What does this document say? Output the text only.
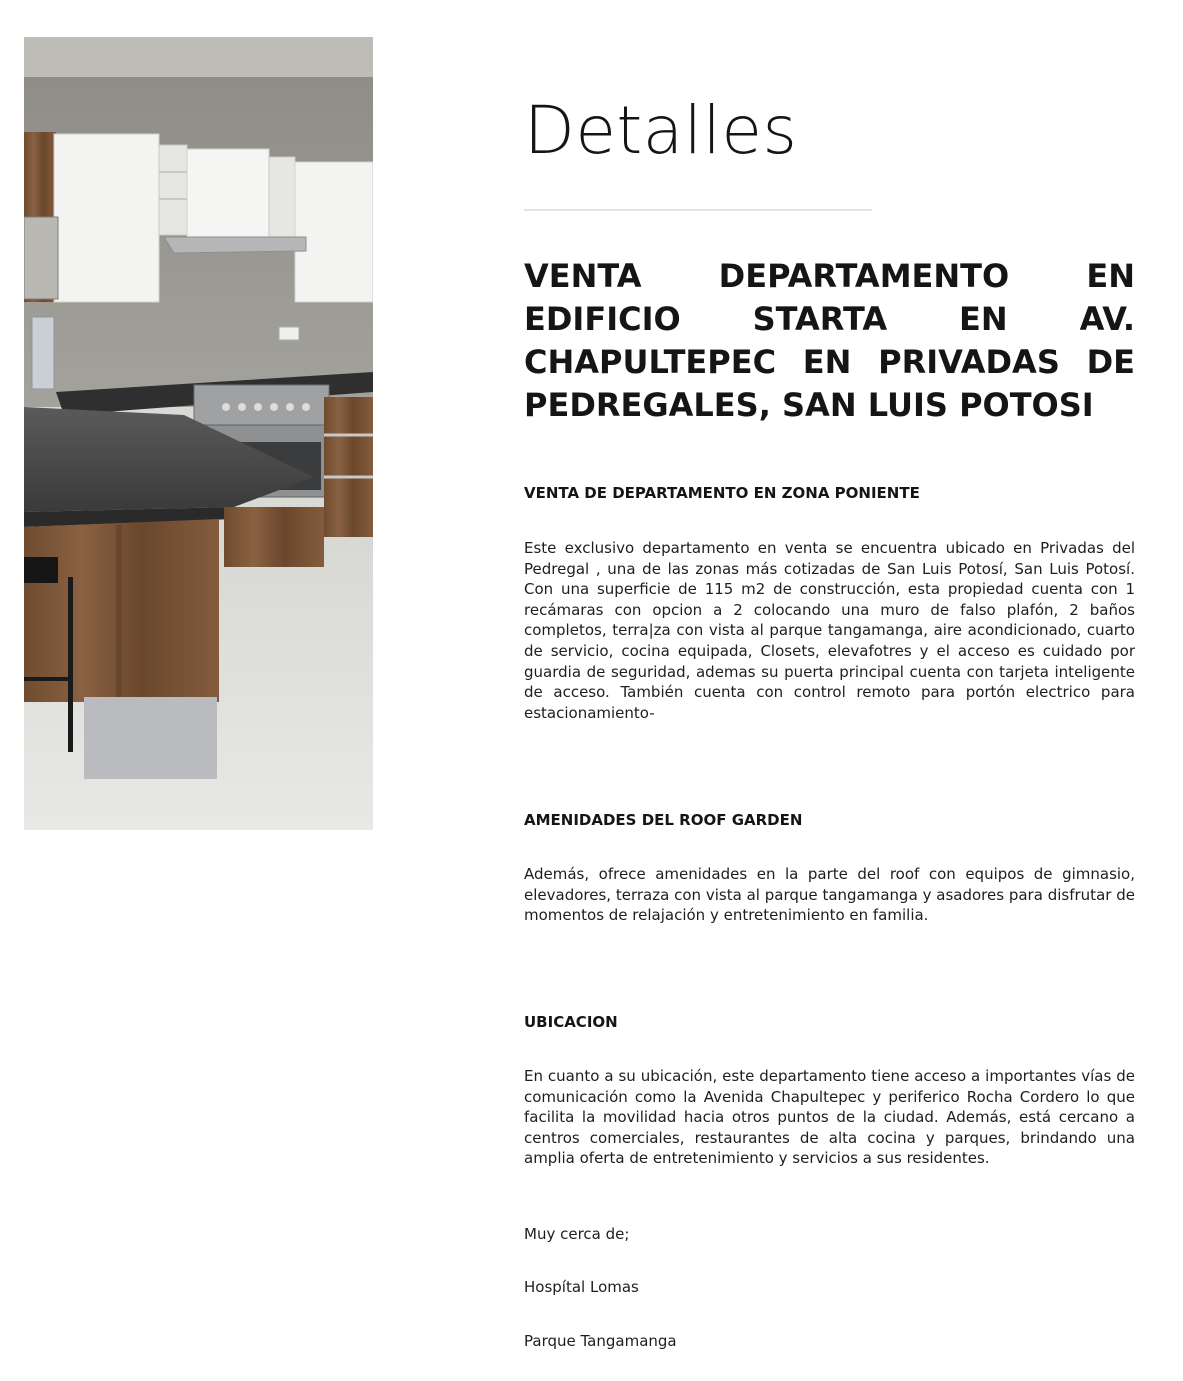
Detalles
VENTA DEPARTAMENTO EN EDIFICIO STARTA EN AV. CHAPULTEPEC EN PRIVADAS DE PEDREGALES, SAN LUIS POTOSI
VENTA DE DEPARTAMENTO EN ZONA PONIENTE

Este exclusivo departamento en venta se encuentra ubicado en Privadas del Pedregal , una de las zonas más cotizadas de San Luis Potosí, San Luis Potosí. Con una superficie de 115 m2 de construcción, esta propiedad cuenta con 1 recámaras con opcion a 2 colocando una muro de falso plafón, 2 baños completos, terra|za con vista al parque tangamanga, aire acondicionado, cuarto de servicio, cocina equipada, Closets, elevafotres y el acceso es cuidado por guardia de seguridad, ademas su puerta principal cuenta con tarjeta inteligente de acceso. También cuenta con control remoto para portón electrico para estacionamiento-

AMENIDADES DEL ROOF GARDEN

Además, ofrece amenidades en la parte del roof con equipos de gimnasio, elevadores, terraza con vista al parque tangamanga y asadores para disfrutar de momentos de relajación y entretenimiento en familia.

UBICACION

En cuanto a su ubicación, este departamento tiene acceso a importantes vías de comunicación como la Avenida Chapultepec y periferico Rocha Cordero lo que facilita la movilidad hacia otros puntos de la ciudad. Además, está cercano a centros comerciales, restaurantes de alta cocina y parques, brindando una amplia oferta de entretenimiento y servicios a sus residentes.

Muy cerca de;

Hospítal Lomas

Parque Tangamanga
